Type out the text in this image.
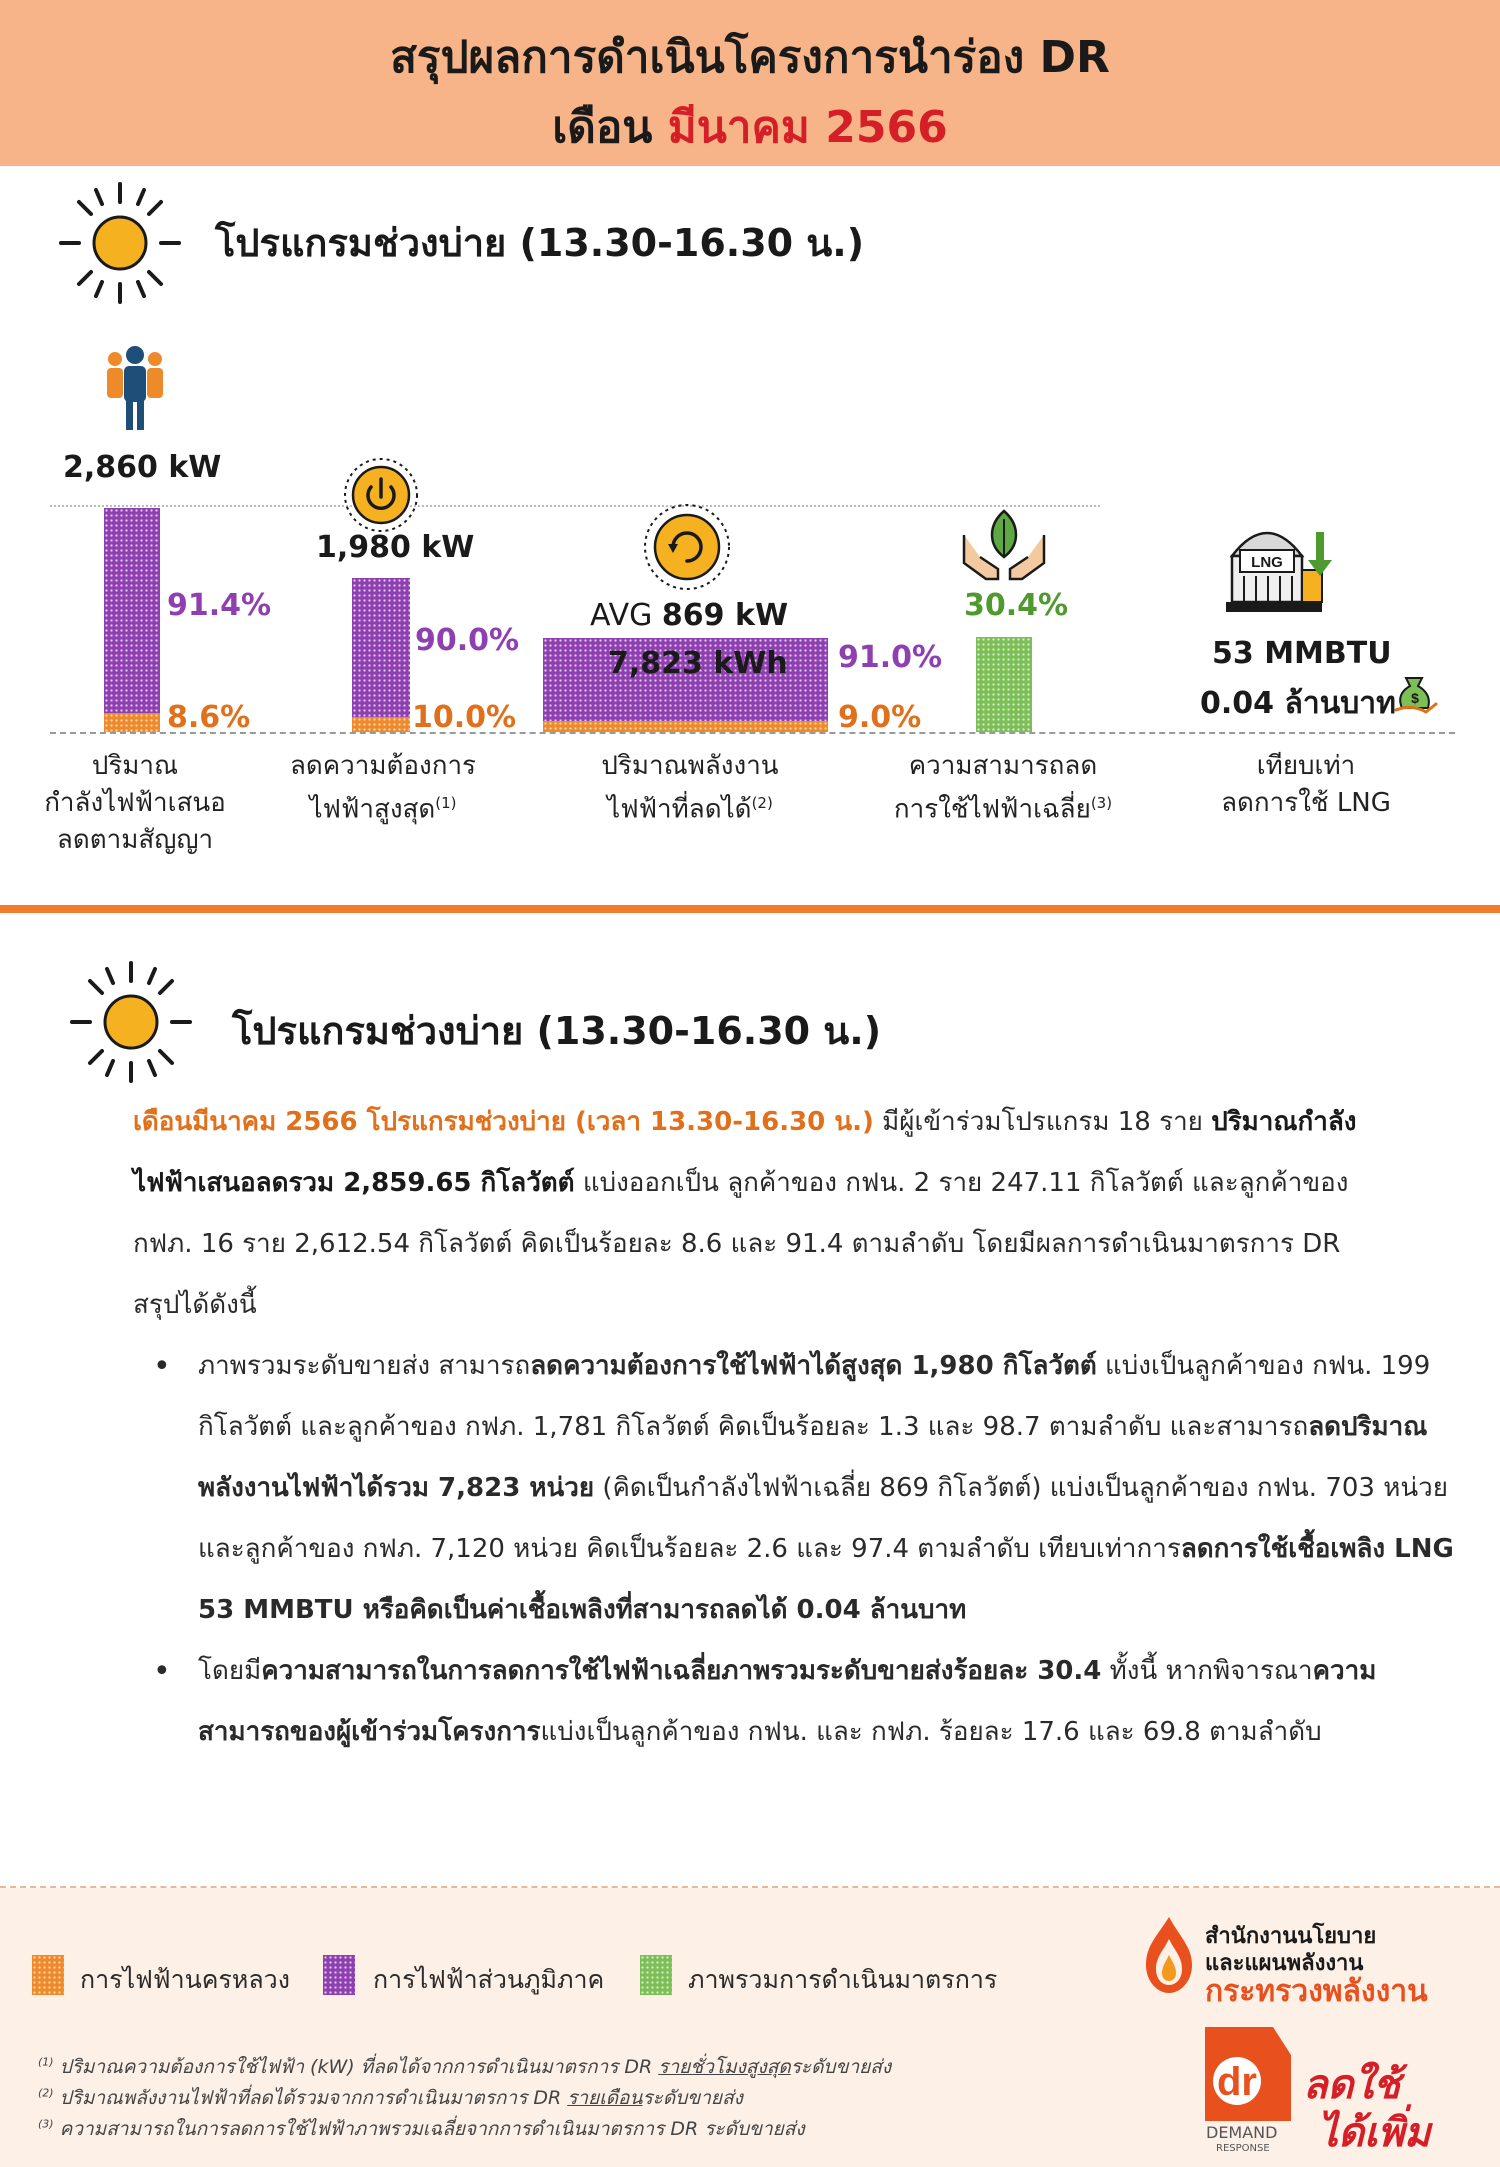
สรุปผลการดำเนินโครงการนำร่อง DR
เดือน มีนาคม 2566
โปรแกรมช่วงบ่าย (13.30-16.30 น.)
2,860 kW
91.4%
8.6%
1,980 kW
90.0%
10.0%
AVG 869 kW
7,823 kWh 91.0%
9.0%
30.4%
LNG
53 MMBTU
0.04 ล้านบาท $
ปริมาณ
กำลังไฟฟ้าเสนอ
ลดตามสัญญา
ลดความต้องการ
ไฟฟ้าสูงสุด$^{(1)}$
ปริมาณพลังงาน
ไฟฟ้าที่ลดได้$^{(2)}$
ความสามารถลด
การใช้ไฟฟ้าเฉลี่ย$^{(3)}$
เทียบเท่า
ลดการใช้ LNG
โปรแกรมช่วงบ่าย (13.30-16.30 น.)
เดือนมีนาคม 2566 โปรแกรมช่วงบ่าย (เวลา 13.30-16.30 น.) มีผู้เข้าร่วมโปรแกรม 18 ราย ปริมาณกำลังไฟฟ้าเสนอลดรวม 2,859.65 กิโลวัตต์ แบ่งออกเป็น ลูกค้าของ กฟน. 2 ราย 247.11 กิโลวัตต์ และลูกค้าของ กฟภ. 16 ราย 2,612.54 กิโลวัตต์ คิดเป็นร้อยละ 8.6 และ 91.4 ตามลำดับ โดยมีผลการดำเนินมาตรการ DR สรุปได้ดังนี้
• ภาพรวมระดับขายส่ง สามารถลดความต้องการใช้ไฟฟ้าได้สูงสุด 1,980 กิโลวัตต์ แบ่งเป็นลูกค้าของ กฟน. 199 กิโลวัตต์ และลูกค้าของ กฟภ. 1,781 กิโลวัตต์ คิดเป็นร้อยละ 1.3 และ 98.7 ตามลำดับ และสามารถลดปริมาณพลังงานไฟฟ้าได้รวม 7,823 หน่วย (คิดเป็นกำลังไฟฟ้าเฉลี่ย 869 กิโลวัตต์) แบ่งเป็นลูกค้าของ กฟน. 703 หน่วย และลูกค้าของ กฟภ. 7,120 หน่วย คิดเป็นร้อยละ 2.6 และ 97.4 ตามลำดับ เทียบเท่าการลดการใช้เชื้อเพลิง LNG 53 MMBTU หรือคิดเป็นค่าเชื้อเพลิงที่สามารถลดได้ 0.04 ล้านบาท
• โดยมีความสามารถในการลดการใช้ไฟฟ้าเฉลี่ยภาพรวมระดับขายส่งร้อยละ 30.4 ทั้งนี้ หากพิจารณาความสามารถของผู้เข้าร่วมโครงการแบ่งเป็นลูกค้าของ กฟน. และ กฟภ. ร้อยละ 17.6 และ 69.8 ตามลำดับ
การไฟฟ้านครหลวง	การไฟฟ้าส่วนภูมิภาค	ภาพรวมการดำเนินมาตรการ
$^{(1)}$ ปริมาณความต้องการใช้ไฟฟ้า (kW) ที่ลดได้จากการดำเนินมาตรการ DR รายชั่วโมงสูงสุดระดับขายส่ง
$^{(2)}$ ปริมาณพลังงานไฟฟ้าที่ลดได้รวมจากการดำเนินมาตรการ DR รายเดือนระดับขายส่ง
$^{(3)}$ ความสามารถในการลดการใช้ไฟฟ้าภาพรวมเฉลี่ยจากการดำเนินมาตรการ DR ระดับขายส่ง
สำนักงานนโยบาย
และแผนพลังงาน
กระทรวงพลังงาน
dr
DEMAND
RESPONSE
ลดใช้
ได้เพิ่ม
